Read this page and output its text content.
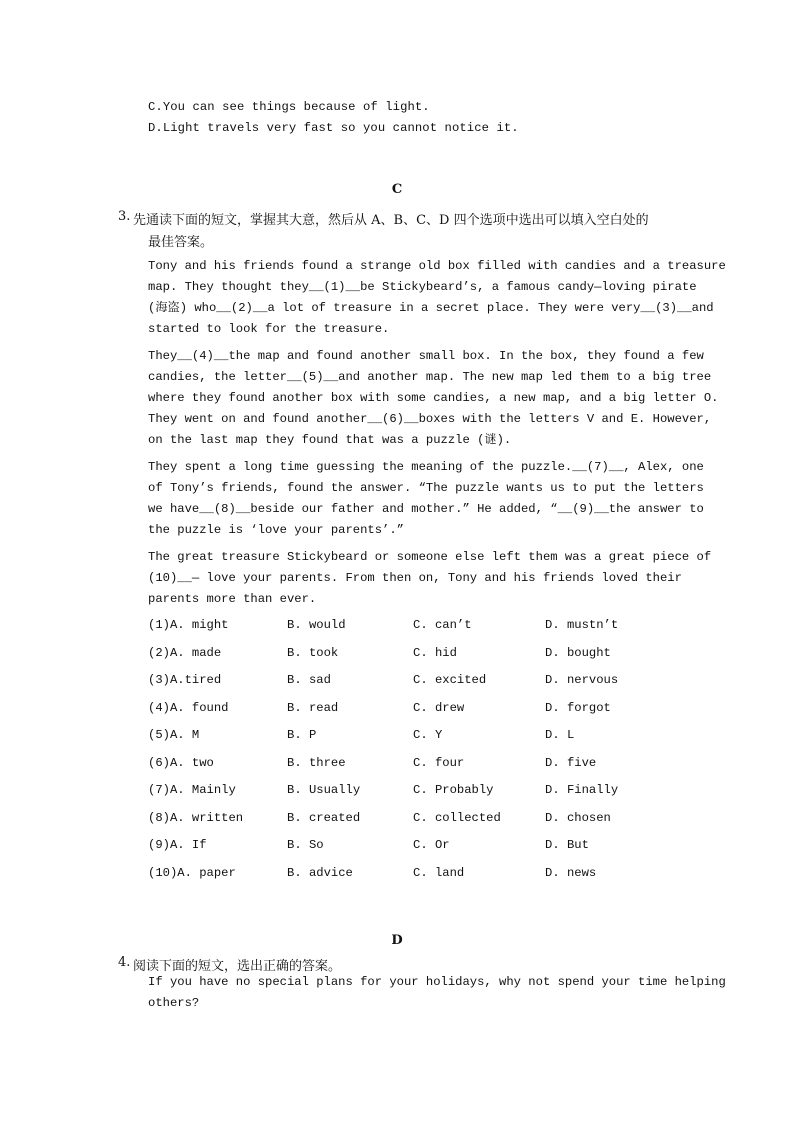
C.You can see things because of light.
D.Light travels very fast so you cannot notice it.
C
3. 先通读下面的短文，掌握其大意，然后从 A、B、C、D 四个选项中选出可以填入空白处的
最佳答案。
Tony and his friends found a strange old box filled with candies and a treasure
map. They thought they__(1)__be Stickybeard’s, a famous candy—loving pirate
(海盗) who__(2)__a lot of treasure in a secret place. They were very__(3)__and
started to look for the treasure.
They__(4)__the map and found another small box. In the box, they found a few
candies, the letter__(5)__and another map. The new map led them to a big tree
where they found another box with some candies, a new map, and a big letter O.
They went on and found another__(6)__boxes with the letters V and E. However,
on the last map they found that was a puzzle (谜).
They spent a long time guessing the meaning of the puzzle.__(7)__, Alex, one
of Tony’s friends, found the answer. “The puzzle wants us to put the letters
we have__(8)__beside our father and mother.” He added, “__(9)__the answer to
the puzzle is ‘love your parents’.”
The great treasure Stickybeard or someone else left them was a great piece of
(10)__— love your parents. From then on, Tony and his friends loved their
parents more than ever.
(1)A. might	B. would	C. can’t	D. mustn’t
(2)A. made	B. took	C. hid	D. bought
(3)A.tired	B. sad	C. excited	D. nervous
(4)A. found	B. read	C. drew	D. forgot
(5)A. M	B. P	C. Y	D. L
(6)A. two	B. three	C. four	D. five
(7)A. Mainly	B. Usually	C. Probably	D. Finally
(8)A. written	B. created	C. collected	D. chosen
(9)A. If	B. So	C. Or	D. But
(10)A. paper	B. advice	C. land	D. news
D
4. 阅读下面的短文，选出正确的答案。
If you have no special plans for your holidays, why not spend your time helping
others?
